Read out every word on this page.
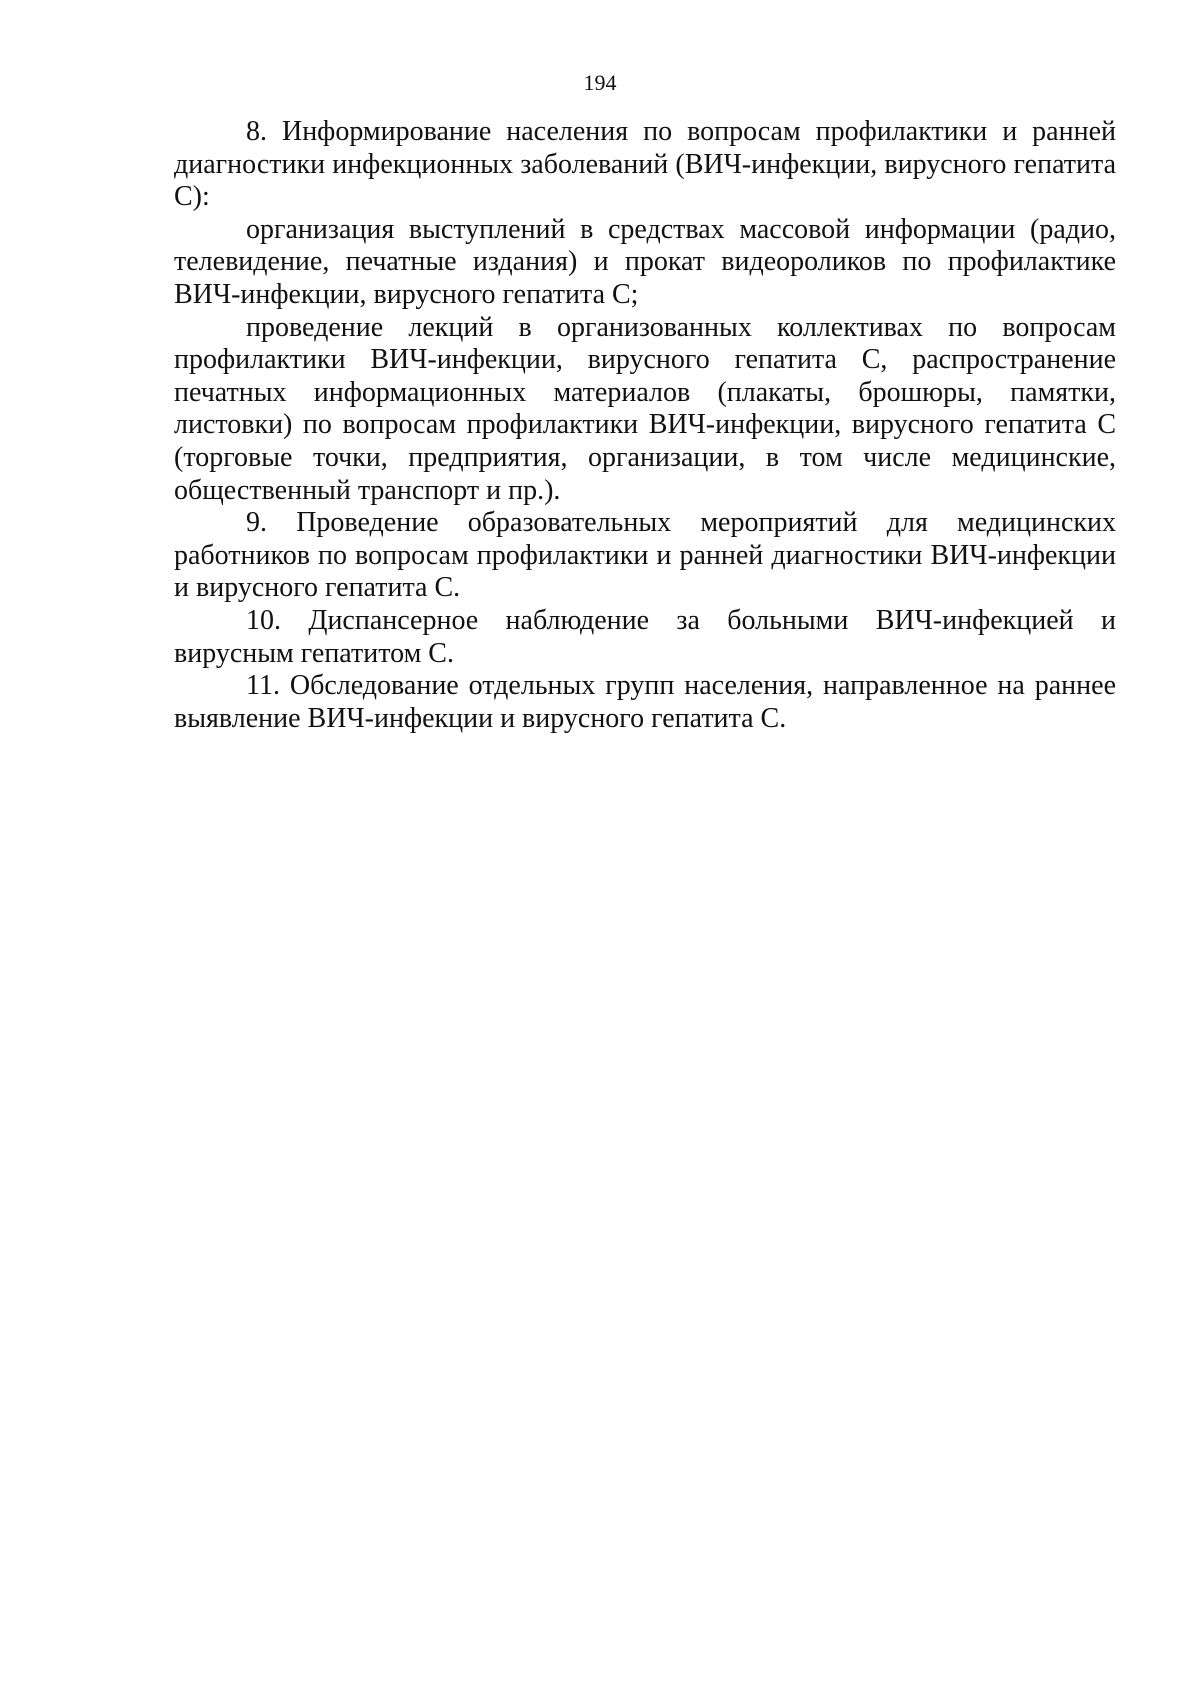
194

8. Информирование населения по вопросам профилактики и ранней диагностики инфекционных заболеваний (ВИЧ-инфекции, вирусного гепатита С):

организация выступлений в средствах массовой информации (радио, телевидение, печатные издания) и прокат видеороликов по профилактике ВИЧ-инфекции, вирусного гепатита С;

проведение лекций в организованных коллективах по вопросам профилактики ВИЧ-инфекции, вирусного гепатита С, распространение печатных информационных материалов (плакаты, брошюры, памятки, листовки) по вопросам профилактики ВИЧ-инфекции, вирусного гепатита С (торговые точки, предприятия, организации, в том числе медицинские, общественный транспорт и пр.).

9. Проведение образовательных мероприятий для медицинских работников по вопросам профилактики и ранней диагностики ВИЧ-инфекции и вирусного гепатита С.

10. Диспансерное наблюдение за больными ВИЧ-инфекцией и вирусным гепатитом С.

11. Обследование отдельных групп населения, направленное на раннее выявление ВИЧ-инфекции и вирусного гепатита С.
